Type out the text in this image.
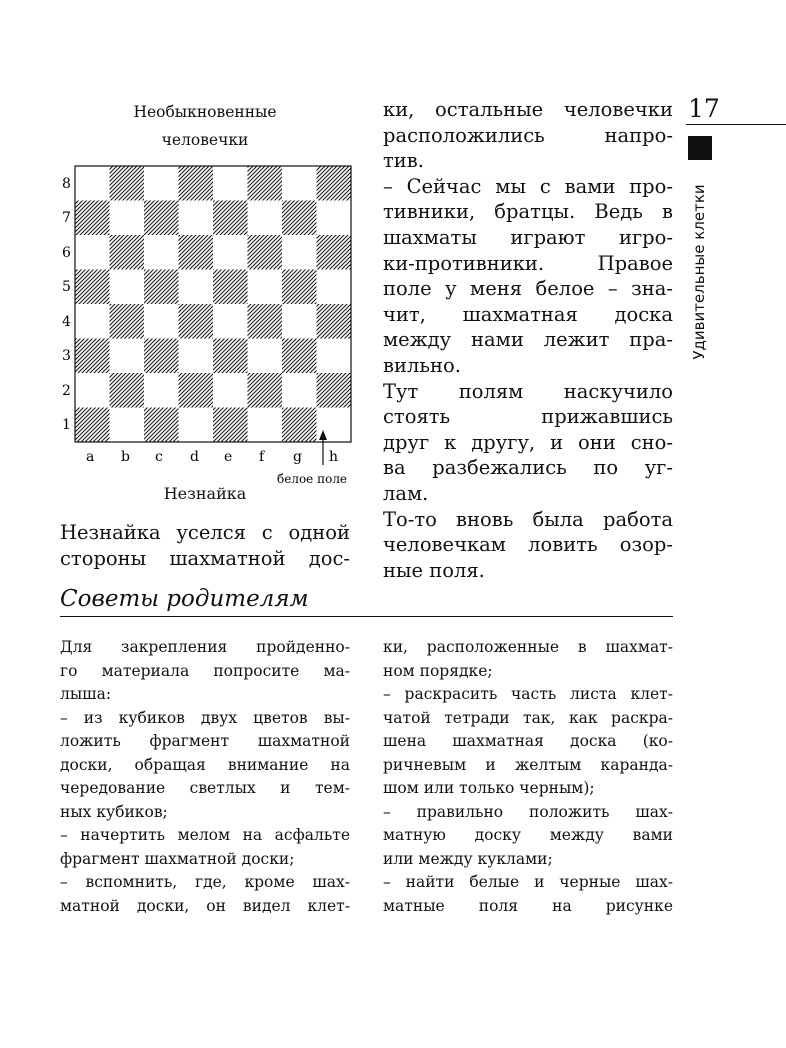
17
Удивительные клетки
Необыкновенные
человечки
8
7
6
5
4
3
2
1
a b c d e f g h
белое поле
Незнайка

Незнайка уселся с одной

стороны шахматной дос-

ки, остальные человечки

расположились напро-

тив.

– Сейчас мы с вами про-

тивники, братцы. Ведь в

шахматы играют игро-

ки-противники. Правое

поле у меня белое – зна-

чит, шахматная доска

между нами лежит пра-

вильно.

Тут полям наскучило

стоять прижавшись

друг к другу, и они сно-

ва разбежались по уг-

лам.

То-то вновь была работа

человечкам ловить озор-

ные поля.

Советы родителям

Для закрепления пройденно-

го материала попросите ма-

лыша:

– из кубиков двух цветов вы-

ложить фрагмент шахматной

доски, обращая внимание на

чередование светлых и тем-

ных кубиков;

– начертить мелом на асфальте

фрагмент шахматной доски;

– вспомнить, где, кроме шах-

матной доски, он видел клет-

ки, расположенные в шахмат-

ном порядке;

– раскрасить часть листа клет-

чатой тетради так, как раскра-

шена шахматная доска (ко-

ричневым и желтым каранда-

шом или только черным);

– правильно положить шах-

матную доску между вами

или между куклами;

– найти белые и черные шах-

матные поля на рисунке
